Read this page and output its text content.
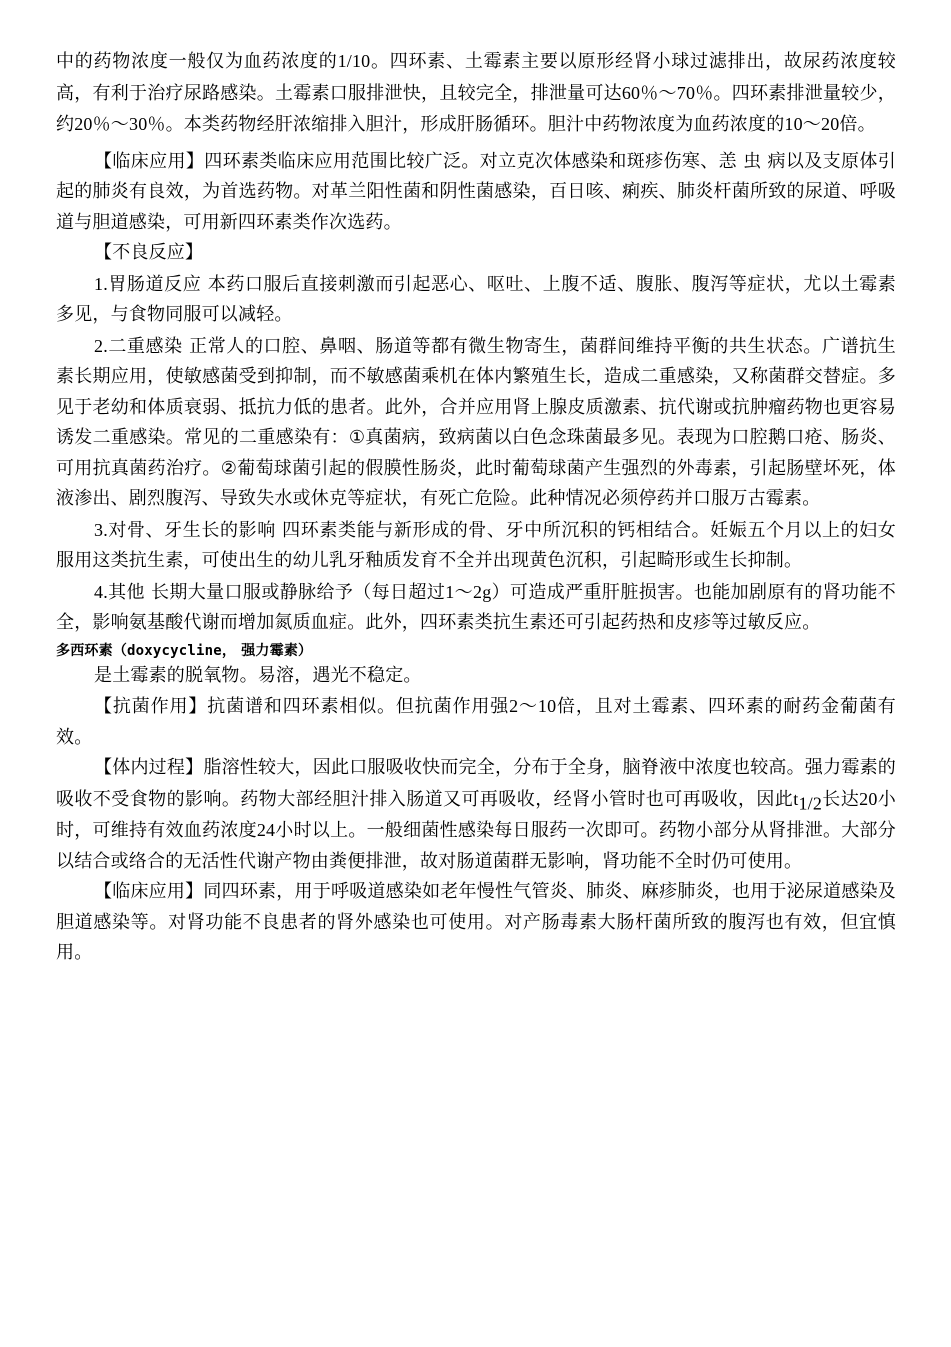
中的药物浓度一般仅为血药浓度的1/10。四环素、土霉素主要以原形经肾小球过滤排出，故尿药浓度较高，有利于治疗尿路感染。土霉素口服排泄快，且较完全，排泄量可达60％～70％。四环素排泄量较少，约20％～30％。本类药物经肝浓缩排入胆汁，形成肝肠循环。胆汁中药物浓度为血药浓度的10～20倍。

【临床应用】四环素类临床应用范围比较广泛。对立克次体感染和斑疹伤寒、恙 虫 病以及支原体引起的肺炎有良效，为首选药物。对革兰阳性菌和阴性菌感染，百日咳、痢疾、肺炎杆菌所致的尿道、呼吸道与胆道感染，可用新四环素类作次选药。

【不良反应】

1.胃肠道反应 本药口服后直接刺激而引起恶心、呕吐、上腹不适、腹胀、腹泻等症状，尤以土霉素多见，与食物同服可以减轻。

2.二重感染 正常人的口腔、鼻咽、肠道等都有微生物寄生，菌群间维持平衡的共生状态。广谱抗生素长期应用，使敏感菌受到抑制，而不敏感菌乘机在体内繁殖生长，造成二重感染，又称菌群交替症。多见于老幼和体质衰弱、抵抗力低的患者。此外，合并应用肾上腺皮质激素、抗代谢或抗肿瘤药物也更容易诱发二重感染。常见的二重感染有：①真菌病，致病菌以白色念珠菌最多见。表现为口腔鹅口疮、肠炎、可用抗真菌药治疗。②葡萄球菌引起的假膜性肠炎，此时葡萄球菌产生强烈的外毒素，引起肠壁坏死，体液渗出、剧烈腹泻、导致失水或休克等症状，有死亡危险。此种情况必须停药并口服万古霉素。

3.对骨、牙生长的影响 四环素类能与新形成的骨、牙中所沉积的钙相结合。妊娠五个月以上的妇女服用这类抗生素，可使出生的幼儿乳牙釉质发育不全并出现黄色沉积，引起畸形或生长抑制。

4.其他 长期大量口服或静脉给予（每日超过1～2g）可造成严重肝脏损害。也能加剧原有的肾功能不全，影响氨基酸代谢而增加氮质血症。此外，四环素类抗生素还可引起药热和皮疹等过敏反应。

多西环素（doxycycline， 强力霉素）

是土霉素的脱氧物。易溶，遇光不稳定。

【抗菌作用】抗菌谱和四环素相似。但抗菌作用强2～10倍，且对土霉素、四环素的耐药金葡菌有效。

【体内过程】脂溶性较大，因此口服吸收快而完全，分布于全身，脑脊液中浓度也较高。强力霉素的吸收不受食物的影响。药物大部经胆汁排入肠道又可再吸收，经肾小管时也可再吸收，因此$t_{1/2}$长达20小时，可维持有效血药浓度24小时以上。一般细菌性感染每日服药一次即可。药物小部分从肾排泄。大部分以结合或络合的无活性代谢产物由粪便排泄，故对肠道菌群无影响，肾功能不全时仍可使用。

【临床应用】同四环素，用于呼吸道感染如老年慢性气管炎、肺炎、麻疹肺炎，也用于泌尿道感染及胆道感染等。对肾功能不良患者的肾外感染也可使用。对产肠毒素大肠杆菌所致的腹泻也有效，但宜慎用。
